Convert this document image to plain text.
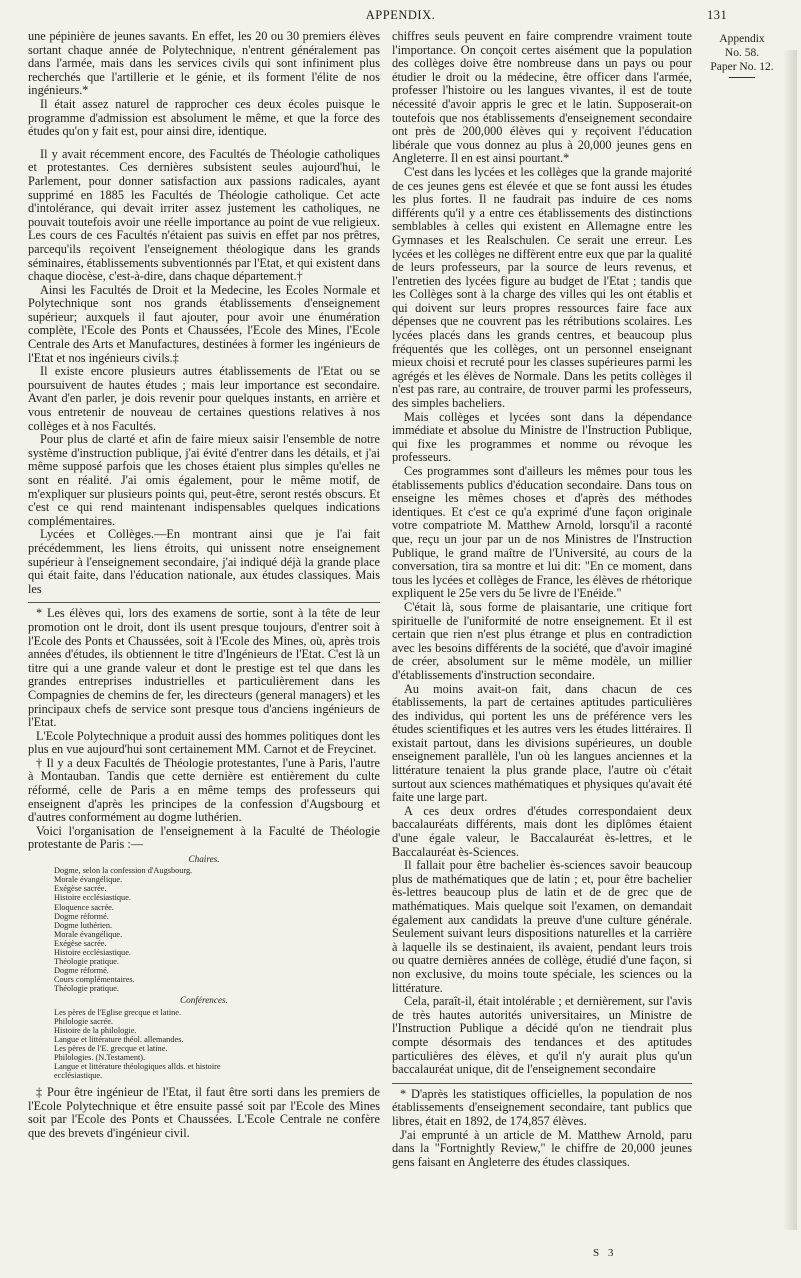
APPENDIX.	131

une pépinière de jeunes savants. En effet, les 20 ou 30 premiers élèves sortant chaque année de Polytechnique, n'entrent généralement pas dans l'armée, mais dans les services civils qui sont infiniment plus recherchés que l'artillerie et le génie, et ils forment l'élite de nos ingénieurs.*

Il était assez naturel de rapprocher ces deux écoles puisque le programme d'admission est absolument le même, et que la force des études qu'on y fait est, pour ainsi dire, identique.

Il y avait récemment encore, des Facultés de Théologie catholiques et protestantes. Ces dernières subsistent seules aujourd'hui, le Parlement, pour donner satisfaction aux passions radicales, ayant supprimé en 1885 les Facultés de Théologie catholique. Cet acte d'intolérance, qui devait irriter assez justement les catholiques, ne pouvait toutefois avoir une réelle importance au point de vue religieux. Les cours de ces Facultés n'étaient pas suivis en effet par nos prêtres, parcequ'ils reçoivent l'enseignement théologique dans les grands séminaires, établissements subventionnés par l'Etat, et qui existent dans chaque diocèse, c'est-à-dire, dans chaque département.†

Ainsi les Facultés de Droit et la Medecine, les Ecoles Normale et Polytechnique sont nos grands établissements d'enseignement supérieur; auxquels il faut ajouter, pour avoir une énumération complète, l'Ecole des Ponts et Chaussées, l'Ecole des Mines, l'Ecole Centrale des Arts et Manufactures, destinées à former les ingénieurs de l'Etat et nos ingénieurs civils.‡

Il existe encore plusieurs autres établissements de l'Etat ou se poursuivent de hautes études ; mais leur importance est secondaire. Avant d'en parler, je dois revenir pour quelques instants, en arrière et vous entretenir de nouveau de certaines questions relatives à nos collèges et à nos Facultés.

Pour plus de clarté et afin de faire mieux saisir l'ensemble de notre système d'instruction publique, j'ai évité d'entrer dans les détails, et j'ai même supposé parfois que les choses étaient plus simples qu'elles ne sont en réalité. J'ai omis également, pour le même motif, de m'expliquer sur plusieurs points qui, peut-être, seront restés obscurs. Et c'est ce qui rend maintenant indispensables quelques indications complémentaires.

Lycées et Collèges.—En montrant ainsi que je l'ai fait précédemment, les liens étroits, qui unissent notre enseignement supérieur à l'enseignement secondaire, j'ai indiqué déjà la grande place qui était faite, dans l'éducation nationale, aux études classiques. Mais les

* Les élèves qui, lors des examens de sortie, sont à la tête de leur promotion ont le droit, dont ils usent presque toujours, d'entrer soit à l'Ecole des Ponts et Chaussées, soit à l'Ecole des Mines, où, après trois années d'études, ils obtiennent le titre d'Ingénieurs de l'Etat. C'est là un titre qui a une grande valeur et dont le prestige est tel que dans les grandes entreprises industrielles et particulièrement dans les Compagnies de chemins de fer, les directeurs (general managers) et les principaux chefs de service sont presque tous d'anciens ingénieurs de l'Etat.

L'Ecole Polytechnique a produit aussi des hommes politiques dont les plus en vue aujourd'hui sont certainement MM. Carnot et de Freycinet.

† Il y a deux Facultés de Théologie protestantes, l'une à Paris, l'autre à Montauban. Tandis que cette dernière est entièrement du culte réformé, celle de Paris a en même temps des professeurs qui enseignent d'après les principes de la confession d'Augsbourg et d'autres conformément au dogme luthérien.

Voici l'organisation de l'enseignement à la Faculté de Théologie protestante de Paris :—

Chaires.
Dogme, selon la confession d'Augsbourg.
Morale évangélique.
Exégèse sacrée.
Histoire ecclésiastique.
Eloquence sacrée.
Dogme réformé.
Dogme luthérien.
Morale évangélique.
Exégèse sacrée.
Histoire ecclésiastique.
Théologie pratique.
Dogme réformé.
Cours complémentaires.
Théologie pratique.
Conférences.
Les pères de l'Eglise grecque et latine.
Philologie sacrée.
Histoire de la philologie.
Langue et littérature théol. allemandes.
Les pères de l'E. grecque et latine.
Philologies. (N.Testament).
Langue et littérature théologiques allds. et histoire
ecclésiastique.

‡ Pour être ingénieur de l'Etat, il faut être sorti dans les premiers de l'Ecole Polytechnique et être ensuite passé soit par l'Ecole des Mines soit par l'Ecole des Ponts et Chaussées. L'Ecole Centrale ne confère que des brevets d'ingénieur civil.

chiffres seuls peuvent en faire comprendre vraiment toute l'importance. On conçoit certes aisément que la population des collèges doive être nombreuse dans un pays ou pour étudier le droit ou la médecine, être officer dans l'armée, professer l'histoire ou les langues vivantes, il est de toute nécessité d'avoir appris le grec et le latin. Supposerait-on toutefois que nos établissements d'enseignement secondaire ont près de 200,000 élèves qui y reçoivent l'éducation libérale que vous donnez au plus à 20,000 jeunes gens en Angleterre. Il en est ainsi pourtant.*

C'est dans les lycées et les collèges que la grande majorité de ces jeunes gens est élevée et que se font aussi les études les plus fortes. Il ne faudrait pas induire de ces noms différents qu'il y a entre ces établissements des distinctions semblables à celles qui existent en Allemagne entre les Gymnases et les Realschulen. Ce serait une erreur. Les lycées et les collèges ne diffèrent entre eux que par la qualité de leurs professeurs, par la source de leurs revenus, et l'entretien des lycées figure au budget de l'Etat ; tandis que les Collèges sont à la charge des villes qui les ont établis et qui doivent sur leurs propres ressources faire face aux dépenses que ne couvrent pas les rétributions scolaires. Les lycées placés dans les grands centres, et beaucoup plus fréquentés que les collèges, ont un personnel enseignant mieux choisi et recruté pour les classes supérieures parmi les agrégés et les élèves de Normale. Dans les petits collèges il n'est pas rare, au contraire, de trouver parmi les professeurs, des simples bacheliers.

Mais collèges et lycées sont dans la dépendance immédiate et absolue du Ministre de l'Instruction Publique, qui fixe les programmes et nomme ou révoque les professeurs.

Ces programmes sont d'ailleurs les mêmes pour tous les établissements publics d'éducation secondaire. Dans tous on enseigne les mêmes choses et d'après des méthodes identiques. Et c'est ce qu'a exprimé d'une façon originale votre compatriote M. Matthew Arnold, lorsqu'il a raconté que, reçu un jour par un de nos Ministres de l'Instruction Publique, le grand maître de l'Université, au cours de la conversation, tira sa montre et lui dit: "En ce moment, dans tous les lycées et collèges de France, les élèves de rhétorique expliquent le 25e vers du 5e livre de l'Enéide."

C'était là, sous forme de plaisantarie, une critique fort spirituelle de l'uniformité de notre enseignement. Et il est certain que rien n'est plus étrange et plus en contradiction avec les besoins différents de la société, que d'avoir imaginé de créer, absolument sur le même modèle, un millier d'établissements d'instruction secondaire.

Au moins avait-on fait, dans chacun de ces établissements, la part de certaines aptitudes particulières des individus, qui portent les uns de préférence vers les études scientifiques et les autres vers les études littéraires. Il existait partout, dans les divisions supérieures, un double enseignement parallèle, l'un où les langues anciennes et la littérature tenaient la plus grande place, l'autre où c'était surtout aux sciences mathématiques et physiques qu'avait été faite une large part.

A ces deux ordres d'études correspondaient deux baccalauréats différents, mais dont les diplômes étaient d'une égale valeur, le Baccalauréat ès-lettres, et le Baccalauréat ès-Sciences.

Il fallait pour être bachelier ès-sciences savoir beaucoup plus de mathématiques que de latin ; et, pour être bachelier ès-lettres beaucoup plus de latin et de de grec que de mathématiques. Mais quelque soit l'examen, on demandait également aux candidats la preuve d'une culture générale. Seulement suivant leurs dispositions naturelles et la carrière à laquelle ils se destinaient, ils avaient, pendant leurs trois ou quatre dernières années de collège, étudié d'une façon, si non exclusive, du moins toute spéciale, les sciences ou la littérature.

Cela, paraît-il, était intolérable ; et dernièrement, sur l'avis de très hautes autorités universitaires, un Ministre de l'Instruction Publique a décidé qu'on ne tiendrait plus compte désormais des tendances et des aptitudes particulières des élèves, et qu'il n'y aurait plus qu'un baccalauréat unique, dit de l'enseignement secondaire

* D'après les statistiques officielles, la population de nos établissements d'enseignement secondaire, tant publics que libres, était en 1892, de 174,857 élèves.

J'ai emprunté à un article de M. Matthew Arnold, paru dans la "Fortnightly Review," le chiffre de 20,000 jeunes gens faisant en Angleterre des études classiques.

Appendix
No. 58.
Paper No. 12.
S 3
